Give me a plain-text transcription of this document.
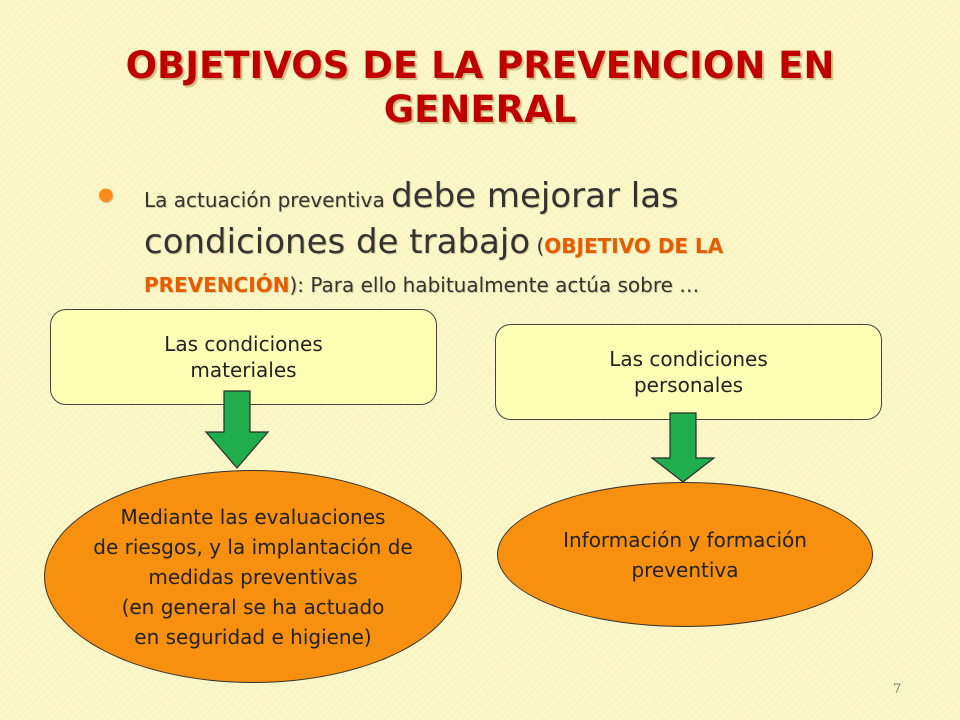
OBJETIVOS DE LA PREVENCION EN GENERAL
●	La actuación preventiva debe mejorar las

condiciones de trabajo (OBJETIVO DE LA

PREVENCIÓN): Para ello habitualmente actúa sobre …

Las condiciones
materiales	Las condiciones
personales
Mediante las evaluaciones
de riesgos, y la implantación de
medidas preventivas
(en general se ha actuado
en seguridad e higiene)
Información y formación
preventiva
7
